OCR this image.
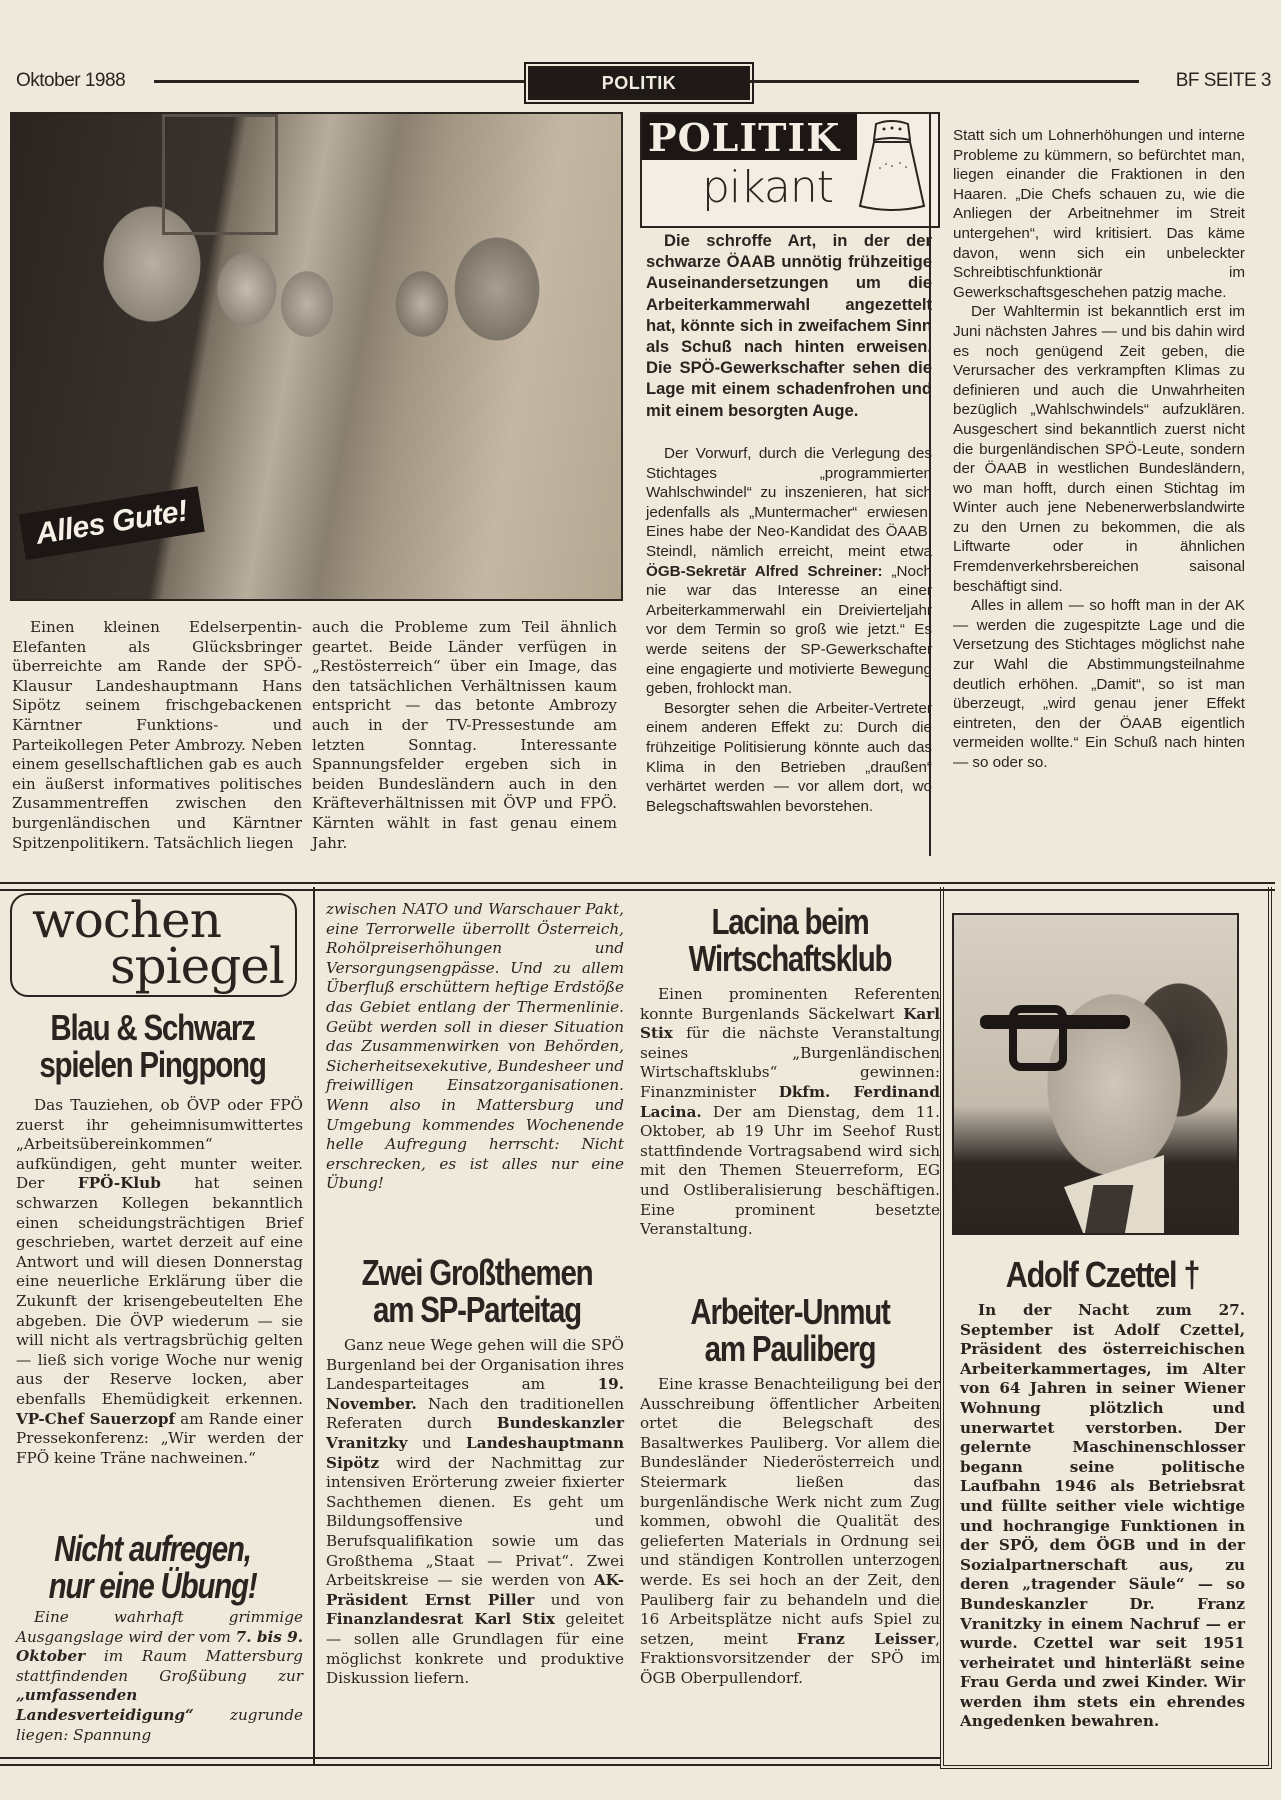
Oktober 1988	POLITIK	BF SEITE 3
Alles Gute!

Einen kleinen Edelserpentin-Elefanten als Glücksbringer überreichte am Rande der SPÖ-Klausur Landeshauptmann Hans Sipötz seinem frischgebackenen Kärntner Funktions- und Parteikollegen Peter Ambrozy. Neben einem gesellschaftlichen gab es auch ein äußerst informatives politisches Zusammentreffen zwischen den burgenländischen und Kärntner Spitzenpolitikern. Tatsächlich liegen

auch die Probleme zum Teil ähnlich geartet. Beide Länder verfügen in „Restösterreich“ über ein Image, das den tatsächlichen Verhältnissen kaum entspricht — das betonte Ambrozy auch in der TV-Pressestunde am letzten Sonntag. Interessante Spannungsfelder ergeben sich in beiden Bundesländern auch in den Kräfteverhältnissen mit ÖVP und FPÖ. Kärnten wählt in fast genau einem Jahr.

POLITIK
pikant

Die schroffe Art, in der der schwarze ÖAAB unnötig frühzeitige Auseinandersetzungen um die Arbeiterkammerwahl angezettelt hat, könnte sich in zweifachem Sinn als Schuß nach hinten erweisen. Die SPÖ-Gewerkschafter sehen die Lage mit einem schadenfrohen und mit einem besorgten Auge.

Der Vorwurf, durch die Verlegung des Stichtages „programmierten Wahlschwindel“ zu inszenieren, hat sich jedenfalls als „Muntermacher“ erwiesen. Eines habe der Neo-Kandidat des ÖAAB, Steindl, nämlich erreicht, meint etwa ÖGB-Sekretär Alfred Schreiner: „Noch nie war das Interesse an einer Arbeiterkammerwahl ein Dreivierteljahr vor dem Termin so groß wie jetzt.“ Es werde seitens der SP-Gewerkschafter eine engagierte und motivierte Bewegung geben, frohlockt man.

Besorgter sehen die Arbeiter-Vertreter einem anderen Effekt zu: Durch die frühzeitige Politisierung könnte auch das Klima in den Betrieben „draußen“ verhärtet werden — vor allem dort, wo Belegschaftswahlen bevorstehen.

Statt sich um Lohnerhöhungen und interne Probleme zu kümmern, so befürchtet man, liegen einander die Fraktionen in den Haaren. „Die Chefs schauen zu, wie die Anliegen der Arbeitnehmer im Streit untergehen“, wird kritisiert. Das käme davon, wenn sich ein unbeleckter Schreibtischfunktionär im Gewerkschaftsgeschehen patzig mache.

Der Wahltermin ist bekanntlich erst im Juni nächsten Jahres — und bis dahin wird es noch genügend Zeit geben, die Verursacher des verkrampften Klimas zu definieren und auch die Unwahrheiten bezüglich „Wahlschwindels“ aufzuklären. Ausgeschert sind bekanntlich zuerst nicht die burgenländischen SPÖ-Leute, sondern der ÖAAB in westlichen Bundesländern, wo man hofft, durch einen Stichtag im Winter auch jene Nebenerwerbslandwirte zu den Urnen zu bekommen, die als Liftwarte oder in ähnlichen Fremdenverkehrsbereichen saisonal beschäftigt sind.

Alles in allem — so hofft man in der AK — werden die zugespitzte Lage und die Versetzung des Stichtages möglichst nahe zur Wahl die Abstimmungsteilnahme deutlich erhöhen. „Damit“, so ist man überzeugt, „wird genau jener Effekt eintreten, den der ÖAAB eigentlich vermeiden wollte.“ Ein Schuß nach hinten — so oder so.

wochen
spiegel
Blau & Schwarz spielen Pingpong

Das Tauziehen, ob ÖVP oder FPÖ zuerst ihr geheimnisumwittertes „Arbeitsübereinkommen“ aufkündigen, geht munter weiter. Der FPÖ-Klub hat seinen schwarzen Kollegen bekanntlich einen scheidungsträchtigen Brief geschrieben, wartet derzeit auf eine Antwort und will diesen Donnerstag eine neuerliche Erklärung über die Zukunft der krisengebeutelten Ehe abgeben. Die ÖVP wiederum — sie will nicht als vertragsbrüchig gelten — ließ sich vorige Woche nur wenig aus der Reserve locken, aber ebenfalls Ehemüdigkeit erkennen. VP-Chef Sauerzopf am Rande einer Pressekonferenz: „Wir werden der FPÖ keine Träne nachweinen.“

Nicht aufregen, nur eine Übung!

Eine wahrhaft grimmige Ausgangslage wird der vom 7. bis 9. Oktober im Raum Mattersburg stattfindenden Großübung zur „umfassenden Landesverteidigung“ zugrunde liegen: Spannung

zwischen NATO und Warschauer Pakt, eine Terrorwelle überrollt Österreich, Rohölpreiserhöhungen und Versorgungsengpässe. Und zu allem Überfluß erschüttern heftige Erdstöße das Gebiet entlang der Thermenlinie. Geübt werden soll in dieser Situation das Zusammenwirken von Behörden, Sicherheitsexekutive, Bundesheer und freiwilligen Einsatzorganisationen. Wenn also in Mattersburg und Umgebung kommendes Wochenende helle Aufregung herrscht: Nicht erschrecken, es ist alles nur eine Übung!

Zwei Großthemen am SP-Parteitag

Ganz neue Wege gehen will die SPÖ Burgenland bei der Organisation ihres Landesparteitages am 19. November. Nach den traditionellen Referaten durch Bundeskanzler Vranitzky und Landeshauptmann Sipötz wird der Nachmittag zur intensiven Erörterung zweier fixierter Sachthemen dienen. Es geht um Bildungsoffensive und Berufsqualifikation sowie um das Großthema „Staat — Privat“. Zwei Arbeitskreise — sie werden von AK-Präsident Ernst Piller und von Finanzlandesrat Karl Stix geleitet — sollen alle Grundlagen für eine möglichst konkrete und produktive Diskussion liefern.

Lacina beim Wirtschaftsklub

Einen prominenten Referenten konnte Burgenlands Säckelwart Karl Stix für die nächste Veranstaltung seines „Burgenländischen Wirtschaftsklubs“ gewinnen: Finanzminister Dkfm. Ferdinand Lacina. Der am Dienstag, dem 11. Oktober, ab 19 Uhr im Seehof Rust stattfindende Vortragsabend wird sich mit den Themen Steuerreform, EG und Ostliberalisierung beschäftigen. Eine prominent besetzte Veranstaltung.

Arbeiter-Unmut am Pauliberg

Eine krasse Benachteiligung bei der Ausschreibung öffentlicher Arbeiten ortet die Belegschaft des Basaltwerkes Pauliberg. Vor allem die Bundesländer Niederösterreich und Steiermark ließen das burgenländische Werk nicht zum Zug kommen, obwohl die Qualität des gelieferten Materials in Ordnung sei und ständigen Kontrollen unterzogen werde. Es sei hoch an der Zeit, den Pauliberg fair zu behandeln und die 16 Arbeitsplätze nicht aufs Spiel zu setzen, meint Franz Leisser, Fraktionsvorsitzender der SPÖ im ÖGB Oberpullendorf.

Adolf Czettel †

In der Nacht zum 27. September ist Adolf Czettel, Präsident des österreichischen Arbeiterkammertages, im Alter von 64 Jahren in seiner Wiener Wohnung plötzlich und unerwartet verstorben. Der gelernte Maschinenschlosser begann seine politische Laufbahn 1946 als Betriebsrat und füllte seither viele wichtige und hochrangige Funktionen in der SPÖ, dem ÖGB und in der Sozialpartnerschaft aus, zu deren „tragender Säule“ — so Bundeskanzler Dr. Franz Vranitzky in einem Nachruf — er wurde. Czettel war seit 1951 verheiratet und hinterläßt seine Frau Gerda und zwei Kinder. Wir werden ihm stets ein ehrendes Angedenken bewahren.
